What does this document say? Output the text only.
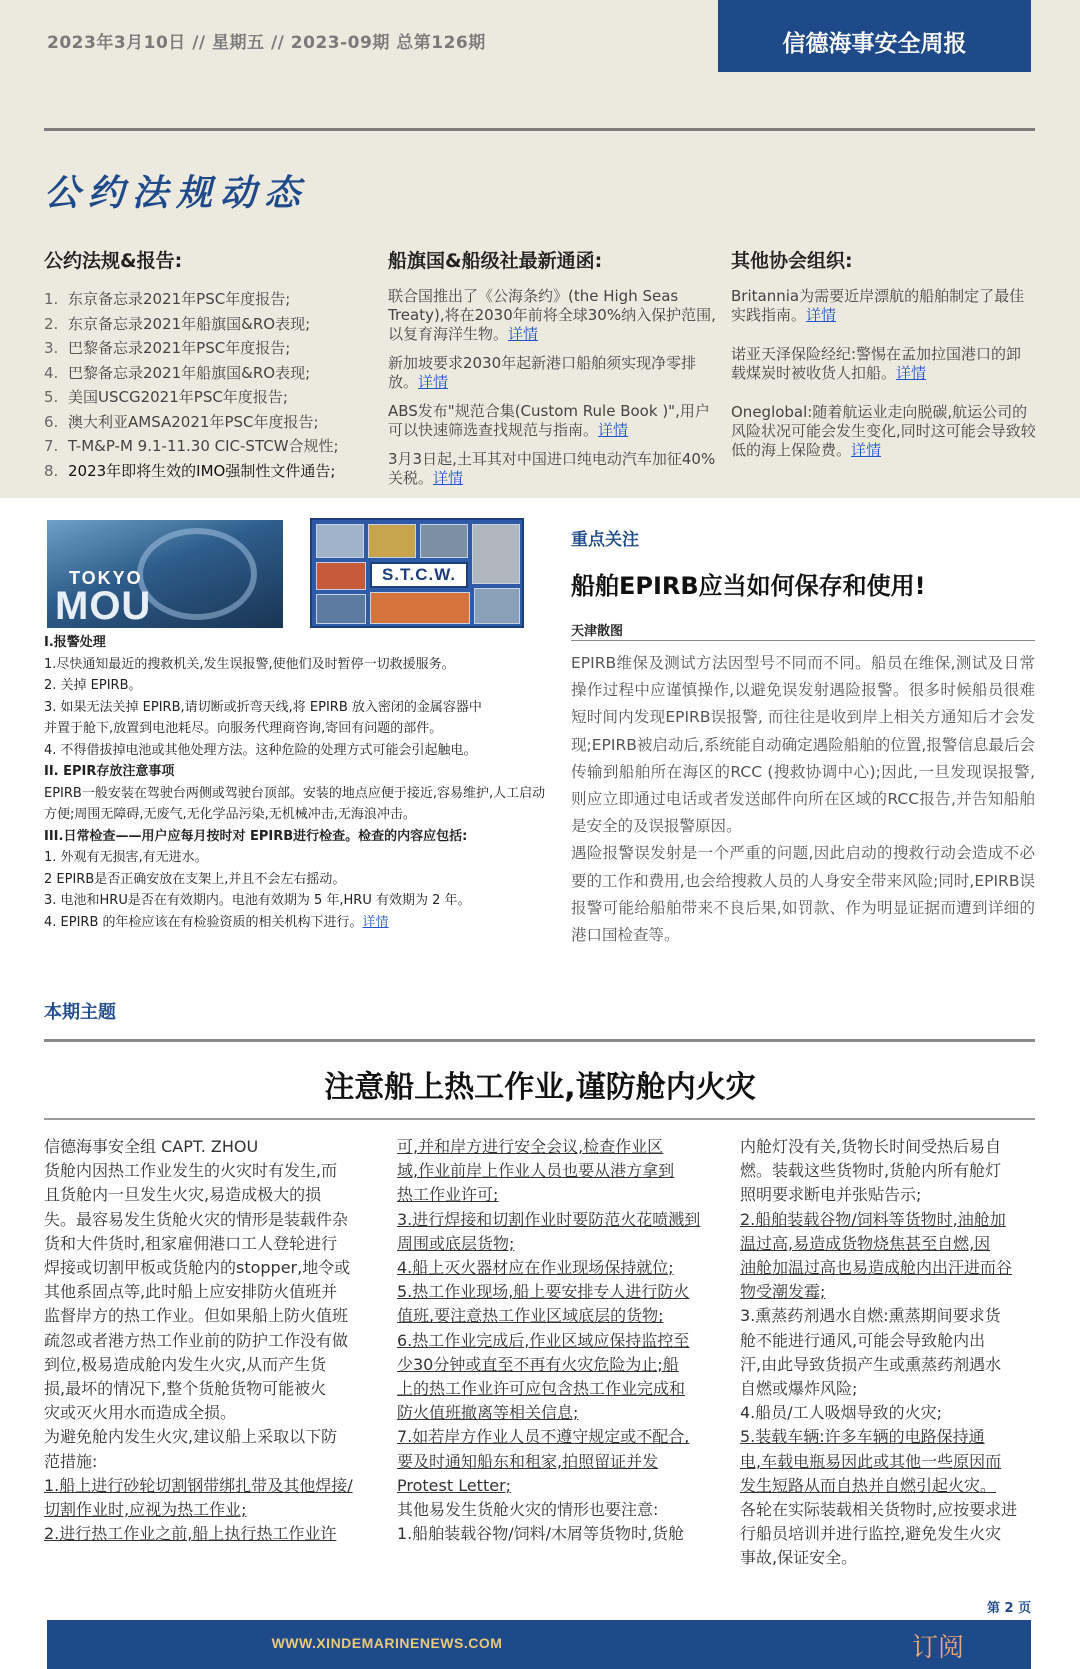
2023年3月10日 // 星期五 // 2023-09期 总第126期	信德海事安全周报
公约法规动态
公约法规&报告:
1. 东京备忘录2021年PSC年度报告;
2. 东京备忘录2021年船旗国&RO表现;
3. 巴黎备忘录2021年PSC年度报告;
4. 巴黎备忘录2021年船旗国&RO表现;
5. 美国USCG2021年PSC年度报告;
6. 澳大利亚AMSA2021年PSC年度报告;
7. T-M&P-M 9.1-11.30 CIC-STCW合规性;
8. 2023年即将生效的IMO强制性文件通告;
船旗国&船级社最新通函:
联合国推出了《公海条约》(the High Seas Treaty),将在2030年前将全球30%纳入保护范围,以复育海洋生物。详情
新加坡要求2030年起新港口船舶须实现净零排放。详情
ABS发布"规范合集(Custom Rule Book )",用户可以快速筛选查找规范与指南。详情
3月3日起,土耳其对中国进口纯电动汽车加征40%关税。详情
其他协会组织:
Britannia为需要近岸漂航的船舶制定了最佳实践指南。详情
诺亚天泽保险经纪:警惕在孟加拉国港口的卸载煤炭时被收货人扣船。详情
Oneglobal:随着航运业走向脱碳,航运公司的风险状况可能会发生变化,同时这可能会导致较低的海上保险费。详情
TOKYO
MOU
S.T.C.W.
I.报警处理
1.尽快通知最近的搜救机关,发生误报警,使他们及时暂停一切救援服务。
2. 关掉 EPIRB。
3. 如果无法关掉 EPIRB,请切断或折弯天线,将 EPIRB 放入密闭的金属容器中
并置于舱下,放置到电池耗尽。向服务代理商咨询,寄回有问题的部件。
4. 不得借拔掉电池或其他处理方法。这种危险的处理方式可能会引起触电。
II. EPIR存放注意事项
EPIRB一般安装在驾驶台两侧或驾驶台顶部。安装的地点应便于接近,容易维护,人工启动方便;周围无障碍,无废气,无化学品污染,无机械冲击,无海浪冲击。
III.日常检查——用户应每月按时对 EPIRB进行检查。检查的内容应包括:
1. 外观有无损害,有无进水。
2 EPIRB是否正确安放在支架上,并且不会左右摇动。
3. 电池和HRU是否在有效期内。电池有效期为 5 年,HRU 有效期为 2 年。
4. EPIRB 的年检应该在有检验资质的相关机构下进行。详情
重点关注
船舶EPIRB应当如何保存和使用!
天津散图

EPIRB维保及测试方法因型号不同而不同。船员在维保,测试及日常操作过程中应谨慎操作,以避免误发射遇险报警。很多时候船员很难短时间内发现EPIRB误报警, 而往往是收到岸上相关方通知后才会发现;EPIRB被启动后,系统能自动确定遇险船舶的位置,报警信息最后会传输到船舶所在海区的RCC (搜救协调中心);因此,一旦发现误报警,则应立即通过电话或者发送邮件向所在区域的RCC报告,并告知船舶是安全的及误报警原因。

遇险报警误发射是一个严重的问题,因此启动的搜救行动会造成不必要的工作和费用,也会给搜救人员的人身安全带来风险;同时,EPIRB误报警可能给船舶带来不良后果,如罚款、作为明显证据而遭到详细的港口国检查等。

本期主题
注意船上热工作业,谨防舱内火灾
信德海事安全组 CAPT. ZHOU
货舱内因热工作业发生的火灾时有发生,而
且货舱内一旦发生火灾,易造成极大的损
失。最容易发生货舱火灾的情形是装载件杂
货和大件货时,租家雇佣港口工人登轮进行
焊接或切割甲板或货舱内的stopper,地令或
其他系固点等,此时船上应安排防火值班并
监督岸方的热工作业。但如果船上防火值班
疏忽或者港方热工作业前的防护工作没有做
到位,极易造成舱内发生火灾,从而产生货
损,最坏的情况下,整个货舱货物可能被火
灾或灭火用水而造成全损。
为避免舱内发生火灾,建议船上采取以下防
范措施:
1.船上进行砂轮切割钢带绑扎带及其他焊接/
切割作业时,应视为热工作业;
2.进行热工作业之前,船上执行热工作业许
可,并和岸方进行安全会议,检查作业区
域,作业前岸上作业人员也要从港方拿到
热工作业许可;
3.进行焊接和切割作业时要防范火花喷溅到
周围或底层货物;
4.船上灭火器材应在作业现场保持就位;
5.热工作业现场,船上要安排专人进行防火
值班,要注意热工作业区域底层的货物;
6.热工作业完成后,作业区域应保持监控至
少30分钟或直至不再有火灾危险为止;船
上的热工作业许可应包含热工作业完成和
防火值班撤离等相关信息;
7.如若岸方作业人员不遵守规定或不配合,
要及时通知船东和租家,拍照留证并发
Protest Letter;
其他易发生货舱火灾的情形也要注意:
1.船舶装载谷物/饲料/木屑等货物时,货舱
内舱灯没有关,货物长时间受热后易自
燃。装载这些货物时,货舱内所有舱灯
照明要求断电并张贴告示;
2.船舶装载谷物/饲料等货物时,油舱加
温过高,易造成货物烧焦甚至自燃,因
油舱加温过高也易造成舱内出汗进而谷
物受潮发霉;
3.熏蒸药剂遇水自燃:熏蒸期间要求货
舱不能进行通风,可能会导致舱内出
汗,由此导致货损产生或熏蒸药剂遇水
自燃或爆炸风险;
4.船员/工人吸烟导致的火灾;
5.装载车辆:许多车辆的电路保持通
电,车载电瓶易因此或其他一些原因而
发生短路从而自热并自燃引起火灾。
各轮在实际装载相关货物时,应按要求进
行船员培训并进行监控,避免发生火灾
事故,保证安全。
第 2 页
WWW.XINDEMARINENEWS.COM	订阅
